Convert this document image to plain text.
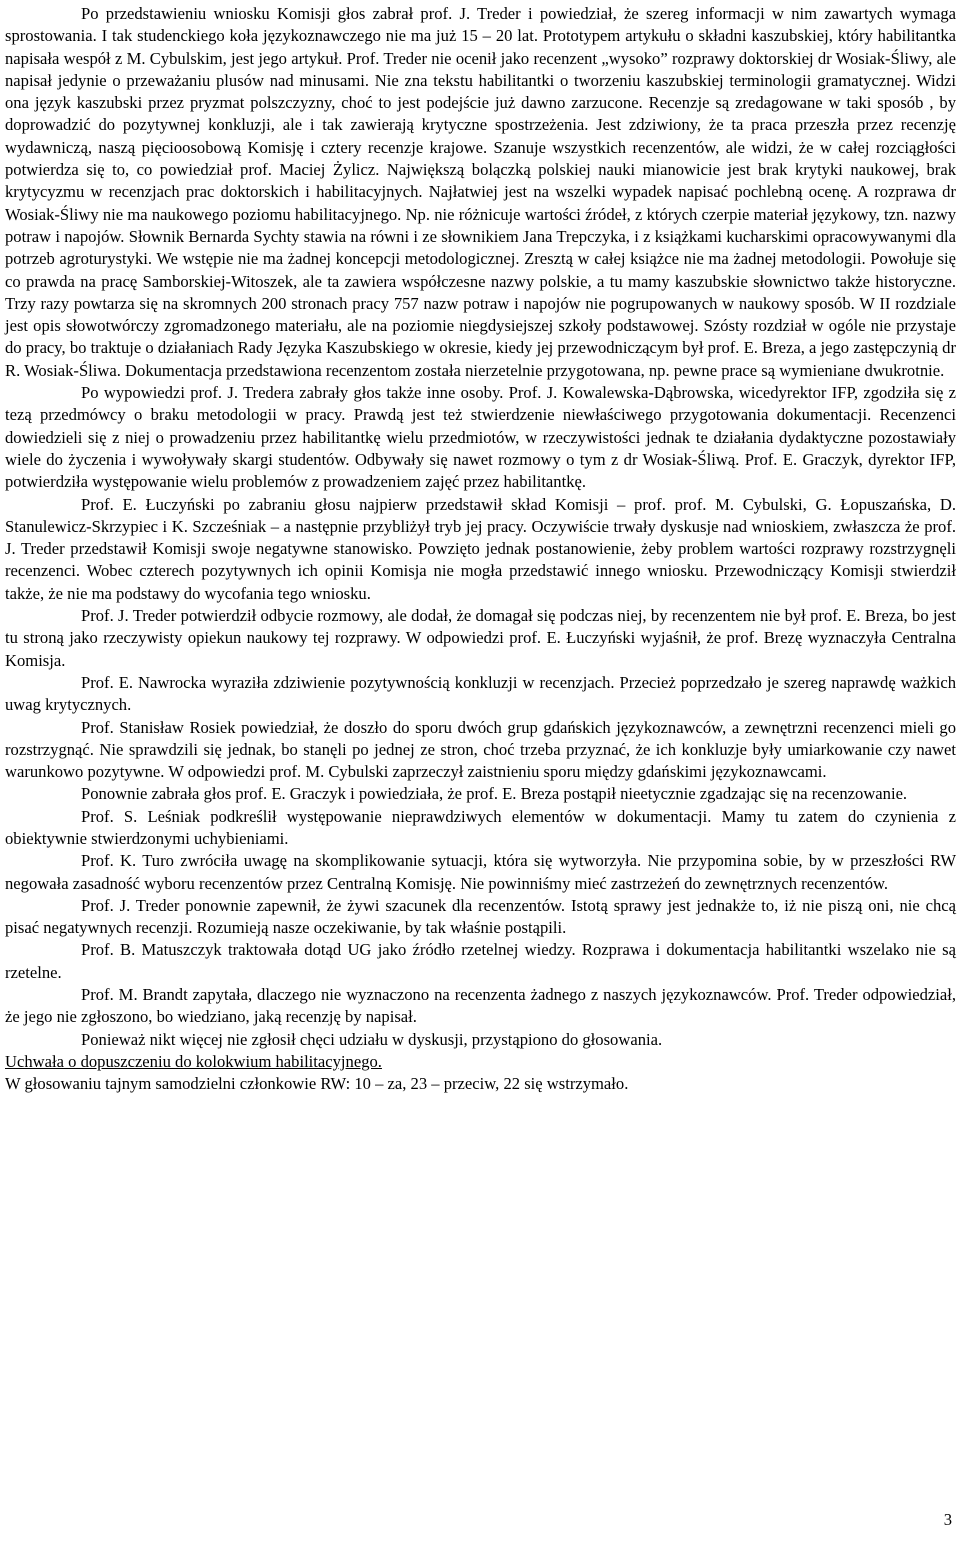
Po przedstawieniu wniosku Komisji głos zabrał prof. J. Treder i powiedział, że szereg informacji w nim zawartych wymaga sprostowania. I tak studenckiego koła językoznawczego nie ma już 15 – 20 lat. Prototypem artykułu o składni kaszubskiej, który habilitantka napisała wespół z M. Cybulskim, jest jego artykuł. Prof. Treder nie ocenił jako recenzent „wysoko” rozprawy doktorskiej dr Wosiak-Śliwy, ale napisał jedynie o przeważaniu plusów nad minusami. Nie zna tekstu habilitantki o tworzeniu kaszubskiej terminologii gramatycznej. Widzi ona język kaszubski przez pryzmat polszczyzny, choć to jest podejście już dawno zarzucone. Recenzje są zredagowane w taki sposób , by doprowadzić do pozytywnej konkluzji, ale i tak zawierają krytyczne spostrzeżenia. Jest zdziwiony, że ta praca przeszła przez recenzję wydawniczą, naszą pięcioosobową Komisję i cztery recenzje krajowe. Szanuje wszystkich recenzentów, ale widzi, że w całej rozciągłości potwierdza się to, co powiedział prof. Maciej Żylicz. Największą bolączką polskiej nauki mianowicie jest brak krytyki naukowej, brak krytycyzmu w recenzjach prac doktorskich i habilitacyjnych. Najłatwiej jest na wszelki wypadek napisać pochlebną ocenę. A rozprawa dr Wosiak-Śliwy nie ma naukowego poziomu habilitacyjnego. Np. nie różnicuje wartości źródeł, z których czerpie materiał językowy, tzn. nazwy potraw i napojów. Słownik Bernarda Sychty stawia na równi i ze słownikiem Jana Trepczyka, i z książkami kucharskimi opracowywanymi dla potrzeb agroturystyki. We wstępie nie ma żadnej koncepcji metodologicznej. Zresztą w całej książce nie ma żadnej metodologii. Powołuje się co prawda na pracę Samborskiej-Witoszek, ale ta zawiera współczesne nazwy polskie, a tu mamy kaszubskie słownictwo także historyczne. Trzy razy powtarza się na skromnych 200 stronach pracy 757 nazw potraw i napojów nie pogrupowanych w naukowy sposób. W II rozdziale jest opis słowotwórczy zgromadzonego materiału, ale na poziomie niegdysiejszej szkoły podstawowej. Szósty rozdział w ogóle nie przystaje do pracy, bo traktuje o działaniach Rady Języka Kaszubskiego w okresie, kiedy jej przewodniczącym był prof. E. Breza, a jego zastępczynią dr R. Wosiak-Śliwa. Dokumentacja przedstawiona recenzentom została nierzetelnie przygotowana, np. pewne prace są wymieniane dwukrotnie.

Po wypowiedzi prof. J. Tredera zabrały głos także inne osoby. Prof. J. Kowalewska-Dąbrowska, wicedyrektor IFP, zgodziła się z tezą przedmówcy o braku metodologii w pracy. Prawdą jest też stwierdzenie niewłaściwego przygotowania dokumentacji. Recenzenci dowiedzieli się z niej o prowadzeniu przez habilitantkę wielu przedmiotów, w rzeczywistości jednak te działania dydaktyczne pozostawiały wiele do życzenia i wywoływały skargi studentów. Odbywały się nawet rozmowy o tym z dr Wosiak-Śliwą. Prof. E. Graczyk, dyrektor IFP, potwierdziła występowanie wielu problemów z prowadzeniem zajęć przez habilitantkę.

Prof. E. Łuczyński po zabraniu głosu najpierw przedstawił skład Komisji – prof. prof. M. Cybulski, G. Łopuszańska, D. Stanulewicz-Skrzypiec i K. Szcześniak – a następnie przybliżył tryb jej pracy. Oczywiście trwały dyskusje nad wnioskiem, zwłaszcza że prof. J. Treder przedstawił Komisji swoje negatywne stanowisko. Powzięto jednak postanowienie, żeby problem wartości rozprawy rozstrzygnęli recenzenci. Wobec czterech pozytywnych ich opinii Komisja nie mogła przedstawić innego wniosku. Przewodniczący Komisji stwierdził także, że nie ma podstawy do wycofania tego wniosku.

Prof. J. Treder potwierdził odbycie rozmowy, ale dodał, że domagał się podczas niej, by recenzentem nie był prof. E. Breza, bo jest tu stroną jako rzeczywisty opiekun naukowy tej rozprawy. W odpowiedzi prof. E. Łuczyński wyjaśnił, że prof. Brezę wyznaczyła Centralna Komisja.

Prof. E. Nawrocka wyraziła zdziwienie pozytywnością konkluzji w recenzjach. Przecież poprzedzało je szereg naprawdę ważkich uwag krytycznych.

Prof. Stanisław Rosiek powiedział, że doszło do sporu dwóch grup gdańskich językoznawców, a zewnętrzni recenzenci mieli go rozstrzygnąć. Nie sprawdzili się jednak, bo stanęli po jednej ze stron, choć trzeba przyznać, że ich konkluzje były umiarkowanie czy nawet warunkowo pozytywne. W odpowiedzi prof. M. Cybulski zaprzeczył zaistnieniu sporu między gdańskimi językoznawcami.

Ponownie zabrała głos prof. E. Graczyk i powiedziała, że prof. E. Breza postąpił nieetycznie zgadzając się na recenzowanie.

Prof. S. Leśniak podkreślił występowanie nieprawdziwych elementów w dokumentacji. Mamy tu zatem do czynienia z obiektywnie stwierdzonymi uchybieniami.

Prof. K. Turo zwróciła uwagę na skomplikowanie sytuacji, która się wytworzyła. Nie przypomina sobie, by w przeszłości RW negowała zasadność wyboru recenzentów przez Centralną Komisję. Nie powinniśmy mieć zastrzeżeń do zewnętrznych recenzentów.

Prof. J. Treder ponownie zapewnił, że żywi szacunek dla recenzentów. Istotą sprawy jest jednakże to, iż nie piszą oni, nie chcą pisać negatywnych recenzji. Rozumieją nasze oczekiwanie, by tak właśnie postąpili.

Prof. B. Matuszczyk traktowała dotąd UG jako źródło rzetelnej wiedzy. Rozprawa i dokumentacja habilitantki wszelako nie są rzetelne.

Prof. M. Brandt zapytała, dlaczego nie wyznaczono na recenzenta żadnego z naszych językoznawców. Prof. Treder odpowiedział, że jego nie zgłoszono, bo wiedziano, jaką recenzję by napisał.

Ponieważ nikt więcej nie zgłosił chęci udziału w dyskusji, przystąpiono do głosowania.

Uchwała o dopuszczeniu do kolokwium habilitacyjnego.

W głosowaniu tajnym samodzielni członkowie RW: 10 – za, 23 – przeciw, 22 się wstrzymało.

3
